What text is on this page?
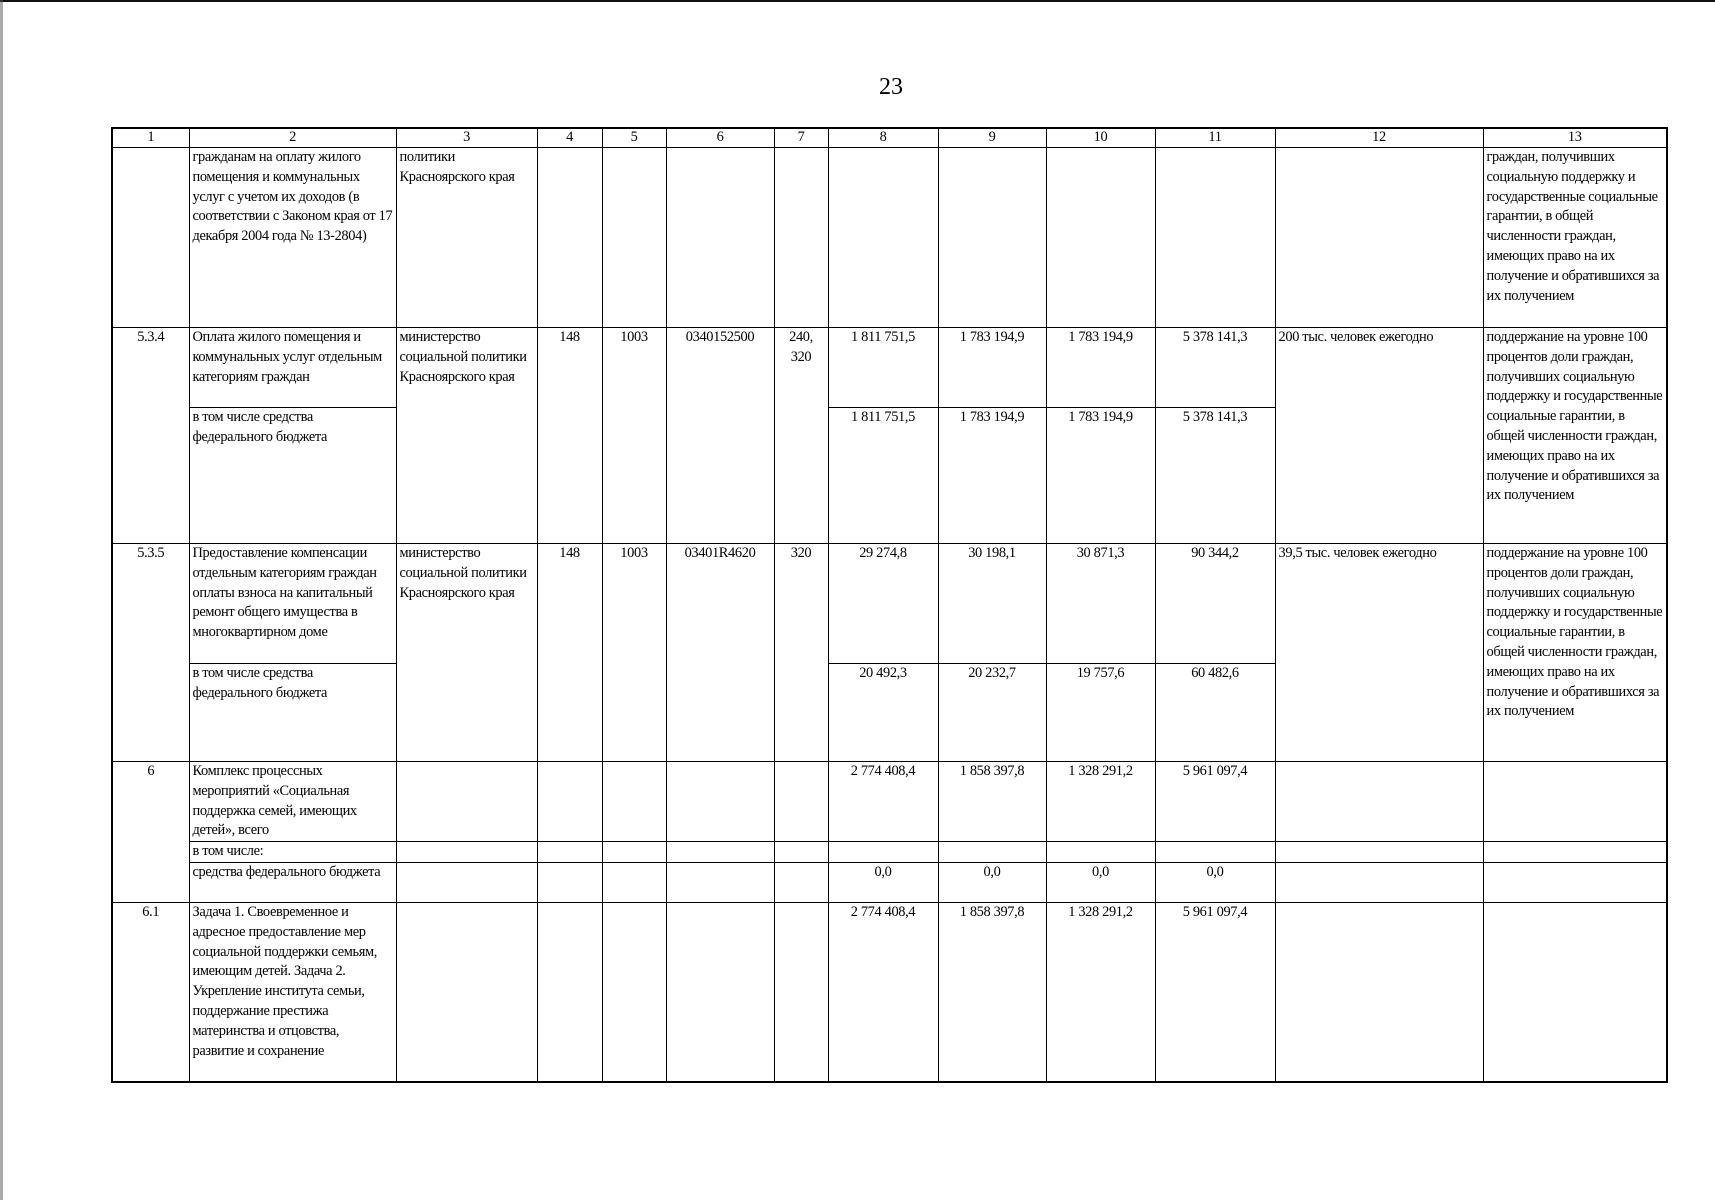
23
1	2	3	4	5	6	7	8	9	10	11	12	13
	гражданам на оплату жилого помещения и коммунальных услуг с учетом их доходов (в соответствии с Законом края от 17 декабря 2004 года № 13-2804)	политики Красноярского края										граждан, получивших социальную поддержку и государственные социальные гарантии, в общей численности граждан, имеющих право на их получение и обратившихся за их получением
5.3.4	Оплата жилого помещения и коммунальных услуг отдельным категориям граждан	министерство социальной политики Красноярского края	148	1003	0340152500	240, 320	1 811 751,5	1 783 194,9	1 783 194,9	5 378 141,3	200 тыс. человек ежегодно	поддержание на уровне 100 процентов доли граждан, получивших социальную поддержку и государственные социальные гарантии, в общей численности граждан, имеющих право на их получение и обратившихся за их получением
	в том числе средства федерального бюджета						1 811 751,5	1 783 194,9	1 783 194,9	5 378 141,3		
5.3.5	Предоставление компенсации отдельным категориям граждан оплаты взноса на капитальный ремонт общего имущества в многоквартирном доме	министерство социальной политики Красноярского края	148	1003	03401R4620	320	29 274,8	30 198,1	30 871,3	90 344,2	39,5 тыс. человек ежегодно	поддержание на уровне 100 процентов доли граждан, получивших социальную поддержку и государственные социальные гарантии, в общей численности граждан, имеющих право на их получение и обратившихся за их получением
	в том числе средства федерального бюджета						20 492,3	20 232,7	19 757,6	60 482,6		
6	Комплекс процессных мероприятий «Социальная поддержка семей, имеющих детей», всего						2 774 408,4	1 858 397,8	1 328 291,2	5 961 097,4		
	в том числе:											
	средства федерального бюджета						0,0	0,0	0,0	0,0		
6.1	Задача 1. Своевременное и адресное предоставление мер социальной поддержки семьям, имеющим детей. Задача 2. Укрепление института семьи, поддержание престижа материнства и отцовства, развитие и сохранение						2 774 408,4	1 858 397,8	1 328 291,2	5 961 097,4		
